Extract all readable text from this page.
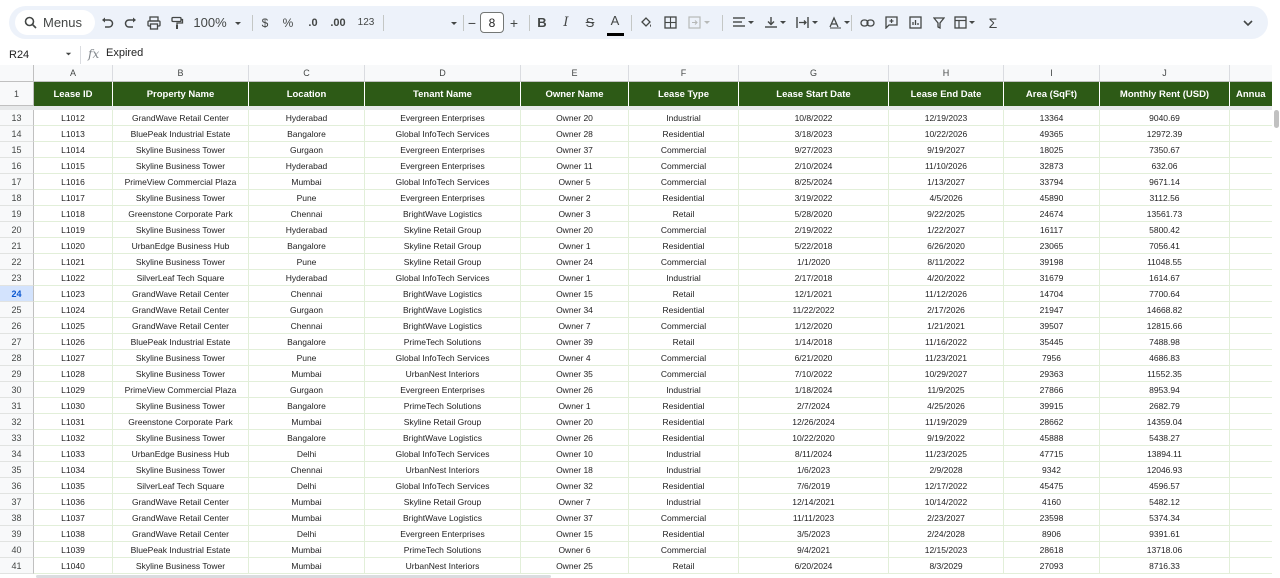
Menus	100%	$ % .0 .00 123	− 8 + B I S A	Σ
R24	fx Expired
A	B	C	D	E	F	G	H	I	J
1	Lease ID	Property Name	Location	Tenant Name	Owner Name	Lease Type	Lease Start Date	Lease End Date	Area (SqFt)	Monthly Rent (USD)	Annua
13	L1012	GrandWave Retail Center	Hyderabad	Evergreen Enterprises	Owner 20	Industrial	10/8/2022	12/19/2023	13364	9040.69
14	L1013	BluePeak Industrial Estate	Bangalore	Global InfoTech Services	Owner 28	Residential	3/18/2023	10/22/2026	49365	12972.39
15	L1014	Skyline Business Tower	Gurgaon	Evergreen Enterprises	Owner 37	Commercial	9/27/2023	9/19/2027	18025	7350.67
16	L1015	Skyline Business Tower	Hyderabad	Evergreen Enterprises	Owner 11	Commercial	2/10/2024	11/10/2026	32873	632.06
17	L1016	PrimeView Commercial Plaza	Mumbai	Global InfoTech Services	Owner 5	Commercial	8/25/2024	1/13/2027	33794	9671.14
18	L1017	Skyline Business Tower	Pune	Evergreen Enterprises	Owner 2	Residential	3/19/2022	4/5/2026	45890	3112.56
19	L1018	Greenstone Corporate Park	Chennai	BrightWave Logistics	Owner 3	Retail	5/28/2020	9/22/2025	24674	13561.73
20	L1019	Skyline Business Tower	Hyderabad	Skyline Retail Group	Owner 20	Commercial	2/19/2022	1/22/2027	16117	5800.42
21	L1020	UrbanEdge Business Hub	Bangalore	Skyline Retail Group	Owner 1	Residential	5/22/2018	6/26/2020	23065	7056.41
22	L1021	Skyline Business Tower	Pune	Skyline Retail Group	Owner 24	Commercial	1/1/2020	8/11/2022	39198	11048.55
23	L1022	SilverLeaf Tech Square	Hyderabad	Global InfoTech Services	Owner 1	Industrial	2/17/2018	4/20/2022	31679	1614.67
24	L1023	GrandWave Retail Center	Chennai	BrightWave Logistics	Owner 15	Retail	12/1/2021	11/12/2026	14704	7700.64
25	L1024	GrandWave Retail Center	Gurgaon	BrightWave Logistics	Owner 34	Residential	11/22/2022	2/17/2026	21947	14668.82
26	L1025	GrandWave Retail Center	Chennai	BrightWave Logistics	Owner 7	Commercial	1/12/2020	1/21/2021	39507	12815.66
27	L1026	BluePeak Industrial Estate	Bangalore	PrimeTech Solutions	Owner 39	Retail	1/14/2018	11/16/2022	35445	7488.98
28	L1027	Skyline Business Tower	Pune	Global InfoTech Services	Owner 4	Commercial	6/21/2020	11/23/2021	7956	4686.83
29	L1028	Skyline Business Tower	Mumbai	UrbanNest Interiors	Owner 35	Commercial	7/10/2022	10/29/2027	29363	11552.35
30	L1029	PrimeView Commercial Plaza	Gurgaon	Evergreen Enterprises	Owner 26	Industrial	1/18/2024	11/9/2025	27866	8953.94
31	L1030	Skyline Business Tower	Bangalore	PrimeTech Solutions	Owner 1	Residential	2/7/2024	4/25/2026	39915	2682.79
32	L1031	Greenstone Corporate Park	Mumbai	Skyline Retail Group	Owner 20	Residential	12/26/2024	11/19/2029	28662	14359.04
33	L1032	Skyline Business Tower	Bangalore	BrightWave Logistics	Owner 26	Residential	10/22/2020	9/19/2022	45888	5438.27
34	L1033	UrbanEdge Business Hub	Delhi	Global InfoTech Services	Owner 10	Industrial	8/11/2024	11/23/2025	47715	13894.11
35	L1034	Skyline Business Tower	Chennai	UrbanNest Interiors	Owner 18	Industrial	1/6/2023	2/9/2028	9342	12046.93
36	L1035	SilverLeaf Tech Square	Delhi	Global InfoTech Services	Owner 32	Residential	7/6/2019	12/17/2022	45475	4596.57
37	L1036	GrandWave Retail Center	Mumbai	Skyline Retail Group	Owner 7	Industrial	12/14/2021	10/14/2022	4160	5482.12
38	L1037	GrandWave Retail Center	Mumbai	BrightWave Logistics	Owner 37	Commercial	11/11/2023	2/23/2027	23598	5374.34
39	L1038	GrandWave Retail Center	Delhi	Evergreen Enterprises	Owner 15	Residential	3/5/2023	2/24/2028	8906	9391.61
40	L1039	BluePeak Industrial Estate	Mumbai	PrimeTech Solutions	Owner 6	Commercial	9/4/2021	12/15/2023	28618	13718.06
41	L1040	Skyline Business Tower	Mumbai	UrbanNest Interiors	Owner 25	Retail	6/20/2024	8/3/2029	27093	8716.33
